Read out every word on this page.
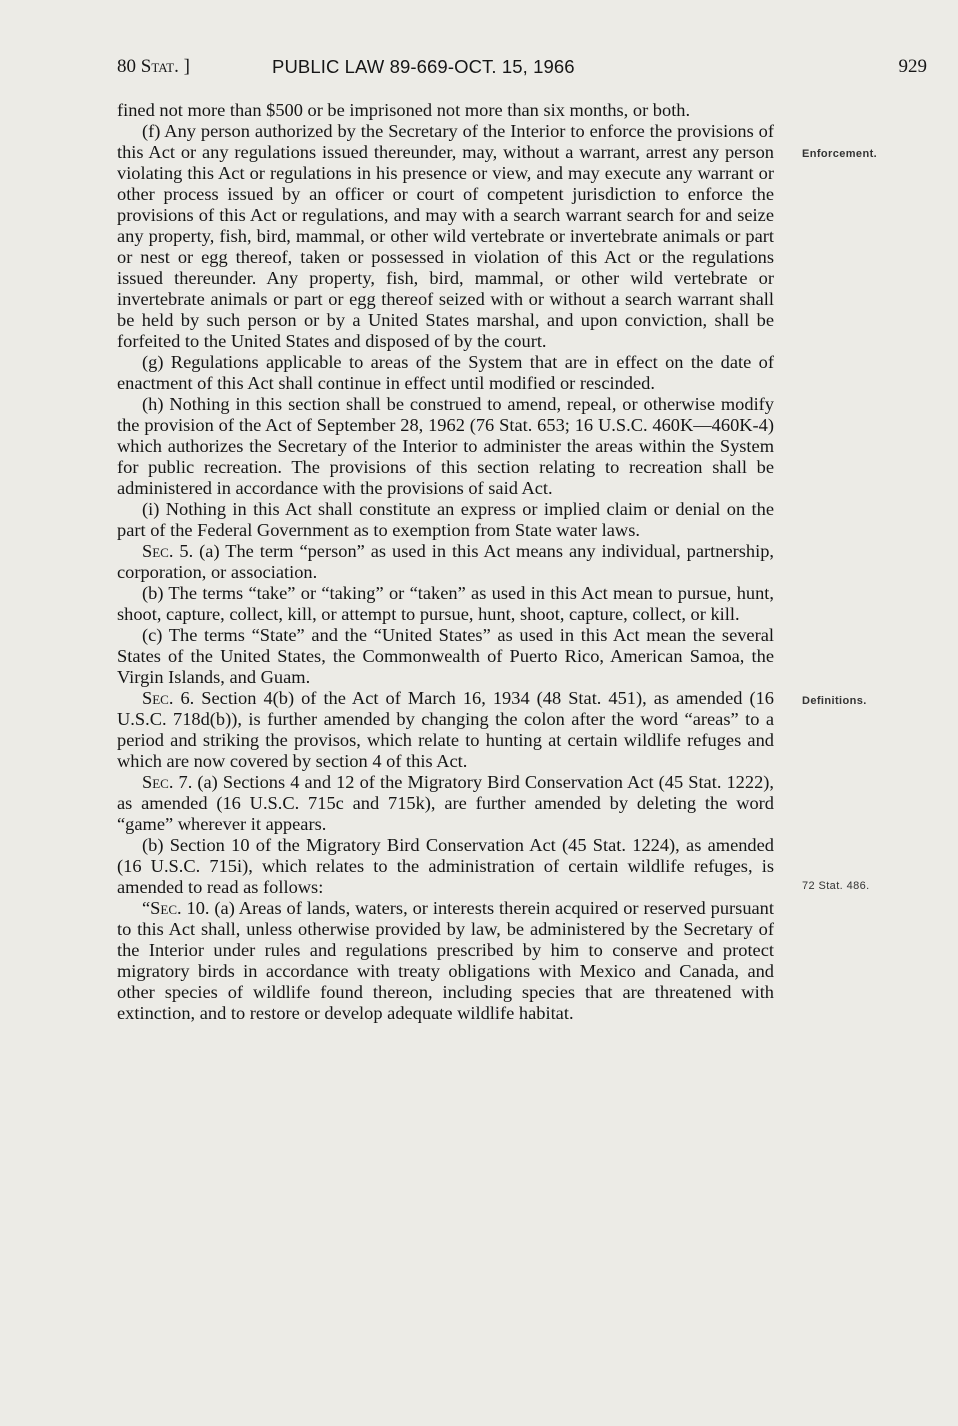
80 Stat. ]	PUBLIC LAW 89-669-OCT. 15, 1966	929
Enforcement.
Definitions.
72 Stat. 486.

fined not more than $500 or be imprisoned not more than six months, or both.

(f) Any person authorized by the Secretary of the Interior to enforce the provisions of this Act or any regulations issued thereunder, may, without a warrant, arrest any person violating this Act or regulations in his presence or view, and may execute any warrant or other process issued by an officer or court of competent jurisdiction to enforce the provisions of this Act or regulations, and may with a search warrant search for and seize any property, fish, bird, mammal, or other wild vertebrate or invertebrate animals or part or nest or egg thereof, taken or possessed in violation of this Act or the regulations issued thereunder. Any property, fish, bird, mammal, or other wild vertebrate or invertebrate animals or part or egg thereof seized with or without a search warrant shall be held by such person or by a United States marshal, and upon conviction, shall be forfeited to the United States and disposed of by the court.

(g) Regulations applicable to areas of the System that are in effect on the date of enactment of this Act shall continue in effect until modified or rescinded.

(h) Nothing in this section shall be construed to amend, repeal, or otherwise modify the provision of the Act of September 28, 1962 (76 Stat. 653; 16 U.S.C. 460K—460K-4) which authorizes the Secretary of the Interior to administer the areas within the System for public recreation. The provisions of this section relating to recreation shall be administered in accordance with the provisions of said Act.

(i) Nothing in this Act shall constitute an express or implied claim or denial on the part of the Federal Government as to exemption from State water laws.

Sec. 5. (a) The term “person” as used in this Act means any individual, partnership, corporation, or association.

(b) The terms “take” or “taking” or “taken” as used in this Act mean to pursue, hunt, shoot, capture, collect, kill, or attempt to pursue, hunt, shoot, capture, collect, or kill.

(c) The terms “State” and the “United States” as used in this Act mean the several States of the United States, the Commonwealth of Puerto Rico, American Samoa, the Virgin Islands, and Guam.

Sec. 6. Section 4(b) of the Act of March 16, 1934 (48 Stat. 451), as amended (16 U.S.C. 718d(b)), is further amended by changing the colon after the word “areas” to a period and striking the provisos, which relate to hunting at certain wildlife refuges and which are now covered by section 4 of this Act.

Sec. 7. (a) Sections 4 and 12 of the Migratory Bird Conservation Act (45 Stat. 1222), as amended (16 U.S.C. 715c and 715k), are further amended by deleting the word “game” wherever it appears.

(b) Section 10 of the Migratory Bird Conservation Act (45 Stat. 1224), as amended (16 U.S.C. 715i), which relates to the administration of certain wildlife refuges, is amended to read as follows:

“Sec. 10. (a) Areas of lands, waters, or interests therein acquired or reserved pursuant to this Act shall, unless otherwise provided by law, be administered by the Secretary of the Interior under rules and regulations prescribed by him to conserve and protect migratory birds in accordance with treaty obligations with Mexico and Canada, and other species of wildlife found thereon, including species that are threatened with extinction, and to restore or develop adequate wildlife habitat.
